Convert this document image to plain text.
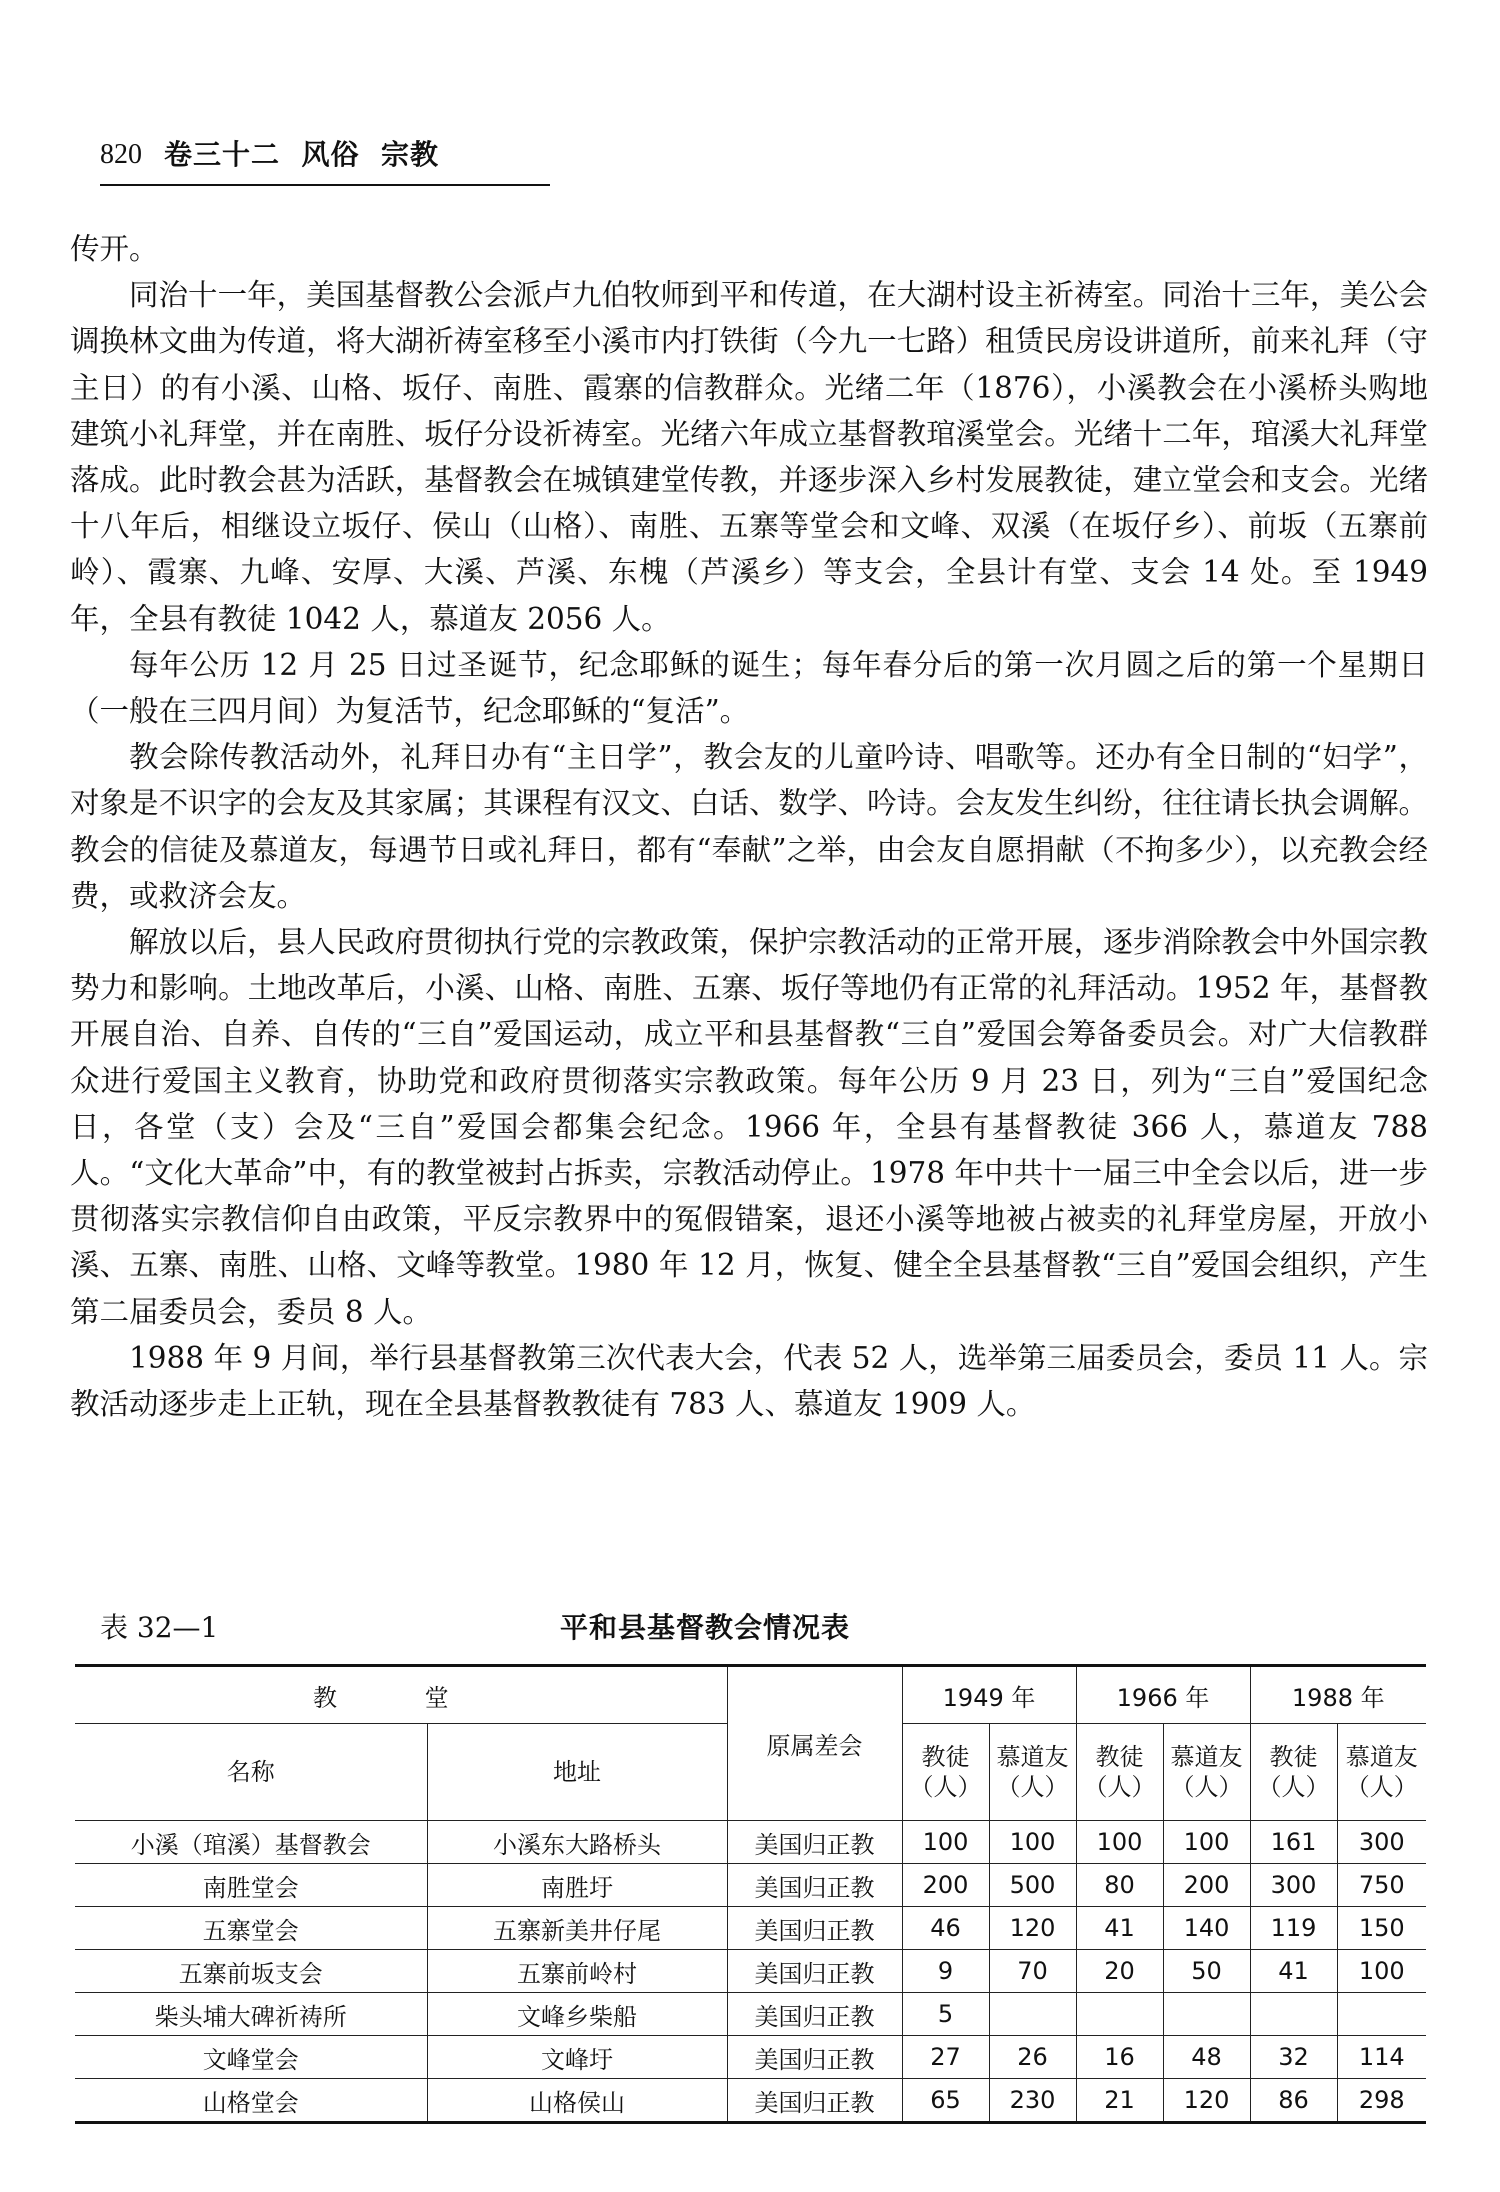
820 卷三十二  风俗  宗教

传开。

同治十一年，美国基督教公会派卢九伯牧师到平和传道，在大湖村设主祈祷室。同治十三年，美公会调换林文曲为传道，将大湖祈祷室移至小溪市内打铁街（今九一七路）租赁民房设讲道所，前来礼拜（守主日）的有小溪、山格、坂仔、南胜、霞寨的信教群众。光绪二年（1876），小溪教会在小溪桥头购地建筑小礼拜堂，并在南胜、坂仔分设祈祷室。光绪六年成立基督教琯溪堂会。光绪十二年，琯溪大礼拜堂落成。此时教会甚为活跃，基督教会在城镇建堂传教，并逐步深入乡村发展教徒，建立堂会和支会。光绪十八年后，相继设立坂仔、侯山（山格）、南胜、五寨等堂会和文峰、双溪（在坂仔乡）、前坂（五寨前岭）、霞寨、九峰、安厚、大溪、芦溪、东槐（芦溪乡）等支会，全县计有堂、支会 14 处。至 1949 年，全县有教徒 1042 人，慕道友 2056 人。

每年公历 12 月 25 日过圣诞节，纪念耶稣的诞生；每年春分后的第一次月圆之后的第一个星期日（一般在三四月间）为复活节，纪念耶稣的“复活”。

教会除传教活动外，礼拜日办有“主日学”，教会友的儿童吟诗、唱歌等。还办有全日制的“妇学”，对象是不识字的会友及其家属；其课程有汉文、白话、数学、吟诗。会友发生纠纷，往往请长执会调解。教会的信徒及慕道友，每遇节日或礼拜日，都有“奉献”之举，由会友自愿捐献（不拘多少），以充教会经费，或救济会友。

解放以后，县人民政府贯彻执行党的宗教政策，保护宗教活动的正常开展，逐步消除教会中外国宗教势力和影响。土地改革后，小溪、山格、南胜、五寨、坂仔等地仍有正常的礼拜活动。1952 年，基督教开展自治、自养、自传的“三自”爱国运动，成立平和县基督教“三自”爱国会筹备委员会。对广大信教群众进行爱国主义教育，协助党和政府贯彻落实宗教政策。每年公历 9 月 23 日，列为“三自”爱国纪念日，各堂（支）会及“三自”爱国会都集会纪念。1966 年，全县有基督教徒 366 人，慕道友 788 人。“文化大革命”中，有的教堂被封占拆卖，宗教活动停止。1978 年中共十一届三中全会以后，进一步贯彻落实宗教信仰自由政策，平反宗教界中的冤假错案，退还小溪等地被占被卖的礼拜堂房屋，开放小溪、五寨、南胜、山格、文峰等教堂。1980 年 12 月，恢复、健全全县基督教“三自”爱国会组织，产生第二届委员会，委员 8 人。

1988 年 9 月间，举行县基督教第三次代表大会，代表 52 人，选举第三届委员会，委员 11 人。宗教活动逐步走上正轨，现在全县基督教教徒有 783 人、慕道友 1909 人。

表 32—1	平和县基督教会情况表
教 堂		原属差会	1949 年		1966 年		1988 年	
名称	地址		教徒（人）	慕道友（人）	教徒（人）	慕道友（人）	教徒（人）	慕道友（人）
小溪（琯溪）基督教会	小溪东大路桥头	美国归正教	100	100	100	100	161	300
南胜堂会	南胜圩	美国归正教	200	500	80	200	300	750
五寨堂会	五寨新美井仔尾	美国归正教	46	120	41	140	119	150
五寨前坂支会	五寨前岭村	美国归正教	9	70	20	50	41	100
柴头埔大碑祈祷所	文峰乡柴船	美国归正教	5					
文峰堂会	文峰圩	美国归正教	27	26	16	48	32	114
山格堂会	山格侯山	美国归正教	65	230	21	120	86	298
